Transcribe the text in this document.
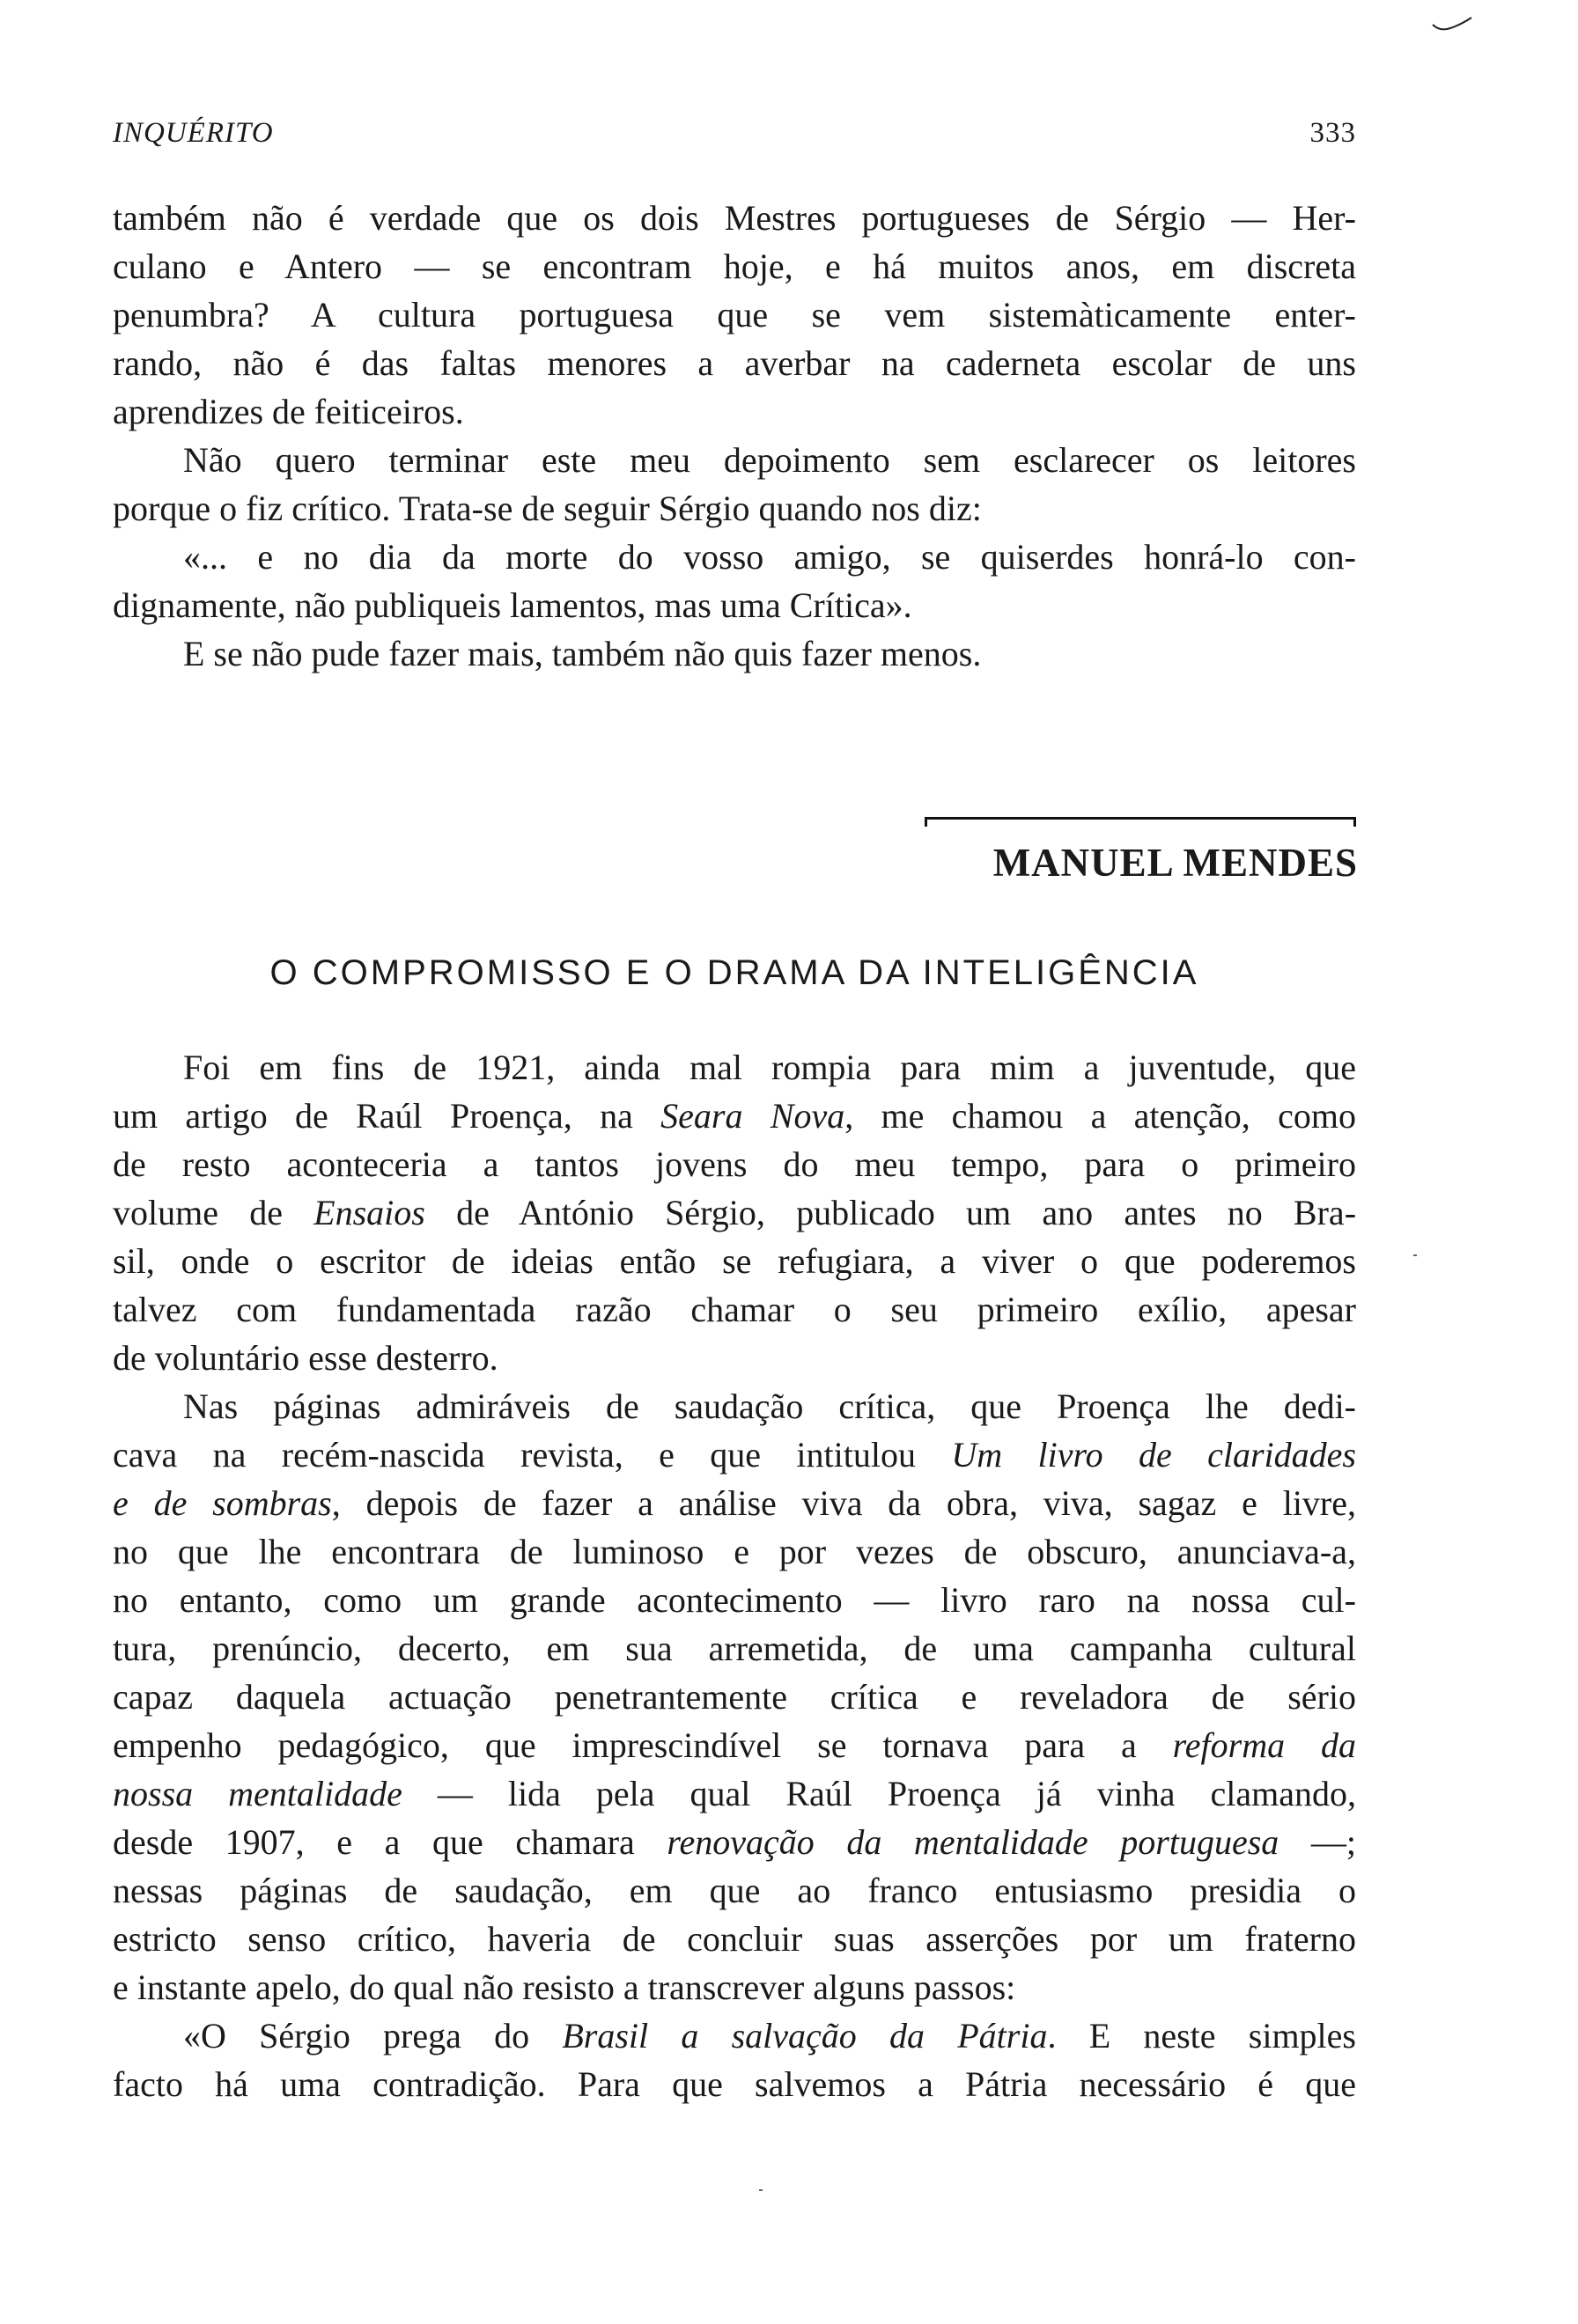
INQUÉRITO	333
também não é verdade que os dois Mestres portugueses de Sérgio — Her-
culano e Antero — se encontram hoje, e há muitos anos, em discreta
penumbra? A cultura portuguesa que se vem sistemàticamente enter-
rando, não é das faltas menores a averbar na caderneta escolar de uns
aprendizes de feiticeiros.
Não quero terminar este meu depoimento sem esclarecer os leitores
porque o fiz crítico. Trata-se de seguir Sérgio quando nos diz:
«... e no dia da morte do vosso amigo, se quiserdes honrá-lo con-
dignamente, não publiqueis lamentos, mas uma Crítica».
E se não pude fazer mais, também não quis fazer menos.
MANUEL MENDES
O COMPROMISSO E O DRAMA DA INTELIGÊNCIA
Foi em fins de 1921, ainda mal rompia para mim a juventude, que
um artigo de Raúl Proença, na Seara Nova, me chamou a atenção, como
de resto aconteceria a tantos jovens do meu tempo, para o primeiro
volume de Ensaios de António Sérgio, publicado um ano antes no Bra-
sil, onde o escritor de ideias então se refugiara, a viver o que poderemos
talvez com fundamentada razão chamar o seu primeiro exílio, apesar
de voluntário esse desterro.
Nas páginas admiráveis de saudação crítica, que Proença lhe dedi-
cava na recém-nascida revista, e que intitulou Um livro de claridades
e de sombras, depois de fazer a análise viva da obra, viva, sagaz e livre,
no que lhe encontrara de luminoso e por vezes de obscuro, anunciava-a,
no entanto, como um grande acontecimento — livro raro na nossa cul-
tura, prenúncio, decerto, em sua arremetida, de uma campanha cultural
capaz daquela actuação penetrantemente crítica e reveladora de sério
empenho pedagógico, que imprescindível se tornava para a reforma da
nossa mentalidade — lida pela qual Raúl Proença já vinha clamando,
desde 1907, e a que chamara renovação da mentalidade portuguesa —;
nessas páginas de saudação, em que ao franco entusiasmo presidia o
estricto senso crítico, haveria de concluir suas asserções por um fraterno
e instante apelo, do qual não resisto a transcrever alguns passos:
«O Sérgio prega do Brasil a salvação da Pátria. E neste simples
facto há uma contradição. Para que salvemos a Pátria necessário é que
